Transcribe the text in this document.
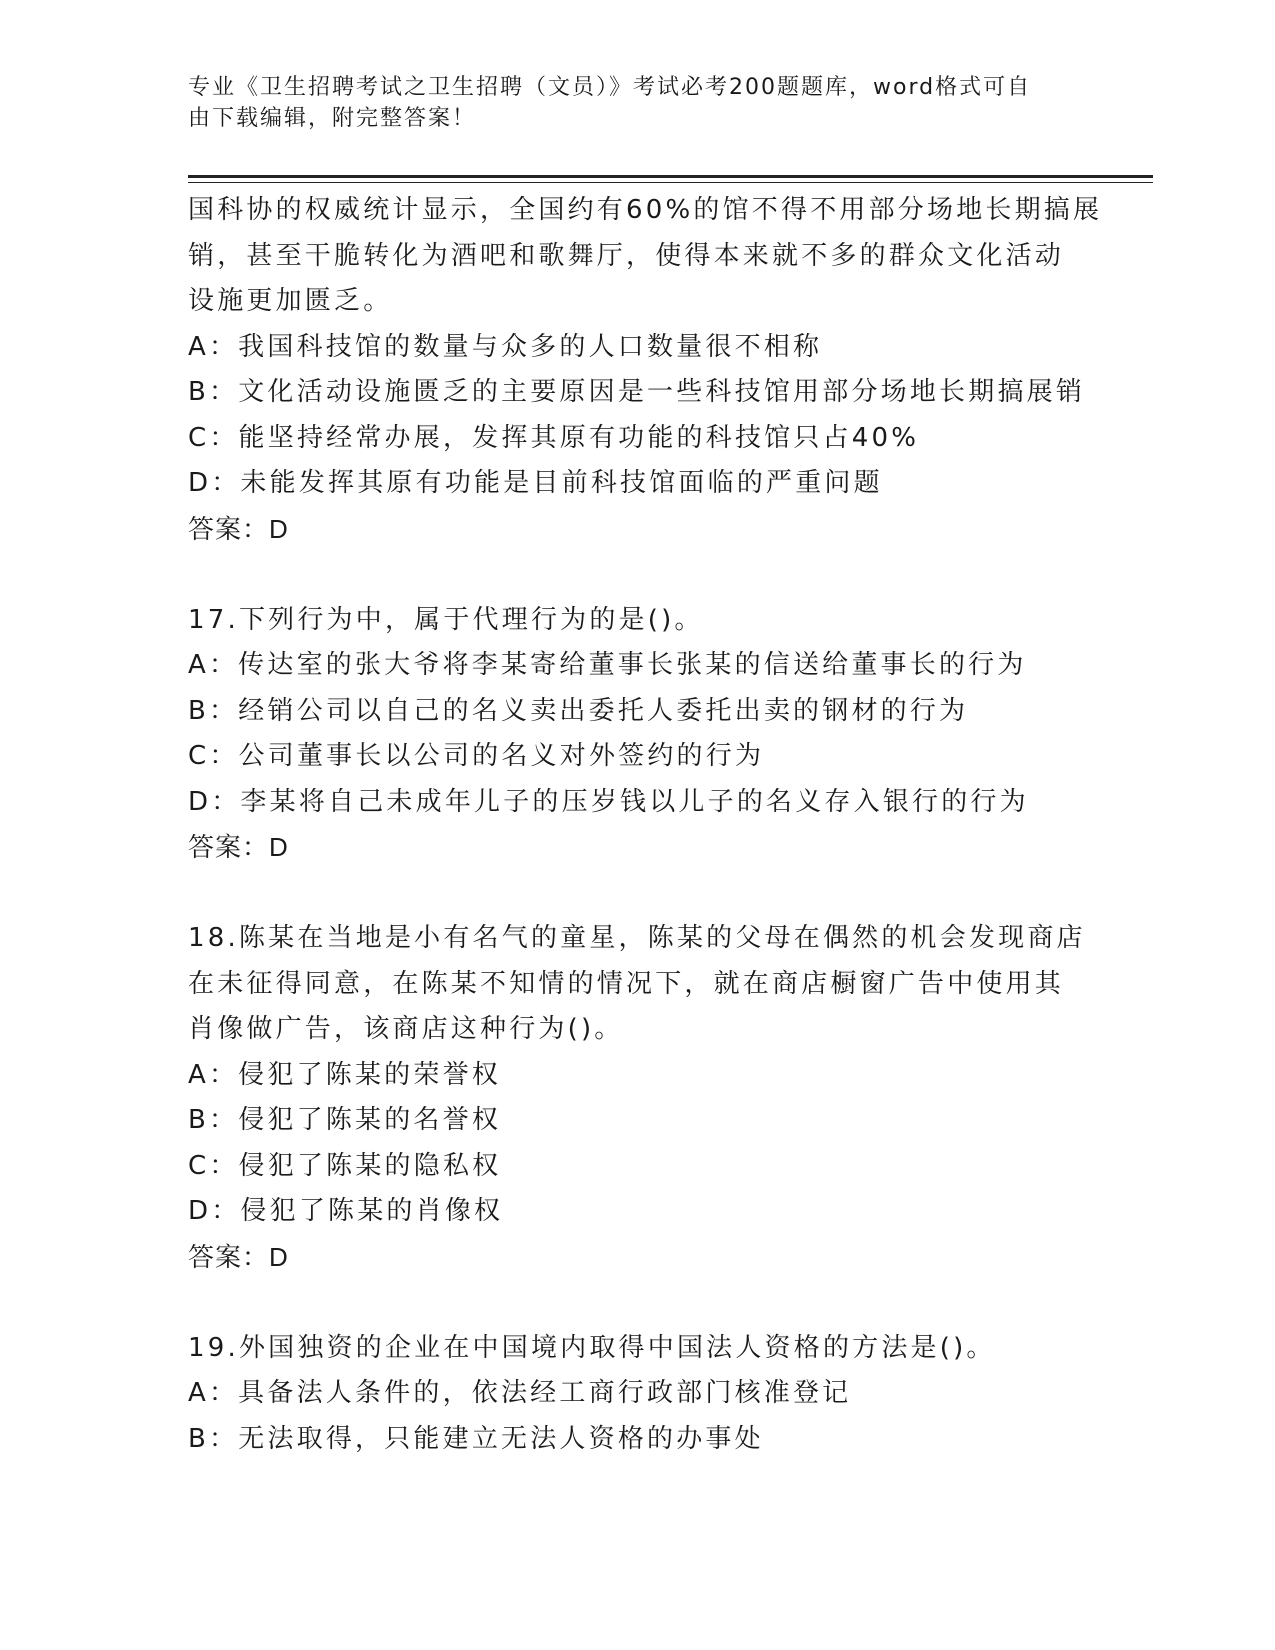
专业《卫生招聘考试之卫生招聘（文员）》考试必考200题题库，word格式可自
由下载编辑，附完整答案！
国科协的权威统计显示，全国约有60%的馆不得不用部分场地长期搞展
销，甚至干脆转化为酒吧和歌舞厅，使得本来就不多的群众文化活动
设施更加匮乏。
A：我国科技馆的数量与众多的人口数量很不相称
B：文化活动设施匮乏的主要原因是一些科技馆用部分场地长期搞展销
C：能坚持经常办展，发挥其原有功能的科技馆只占40%
D：未能发挥其原有功能是目前科技馆面临的严重问题
答案：D
17.下列行为中，属于代理行为的是()。
A：传达室的张大爷将李某寄给董事长张某的信送给董事长的行为
B：经销公司以自己的名义卖出委托人委托出卖的钢材的行为
C：公司董事长以公司的名义对外签约的行为
D：李某将自己未成年儿子的压岁钱以儿子的名义存入银行的行为
答案：D
18.陈某在当地是小有名气的童星，陈某的父母在偶然的机会发现商店
在未征得同意，在陈某不知情的情况下，就在商店橱窗广告中使用其
肖像做广告，该商店这种行为()。
A：侵犯了陈某的荣誉权
B：侵犯了陈某的名誉权
C：侵犯了陈某的隐私权
D：侵犯了陈某的肖像权
答案：D
19.外国独资的企业在中国境内取得中国法人资格的方法是()。
A：具备法人条件的，依法经工商行政部门核准登记
B：无法取得，只能建立无法人资格的办事处
